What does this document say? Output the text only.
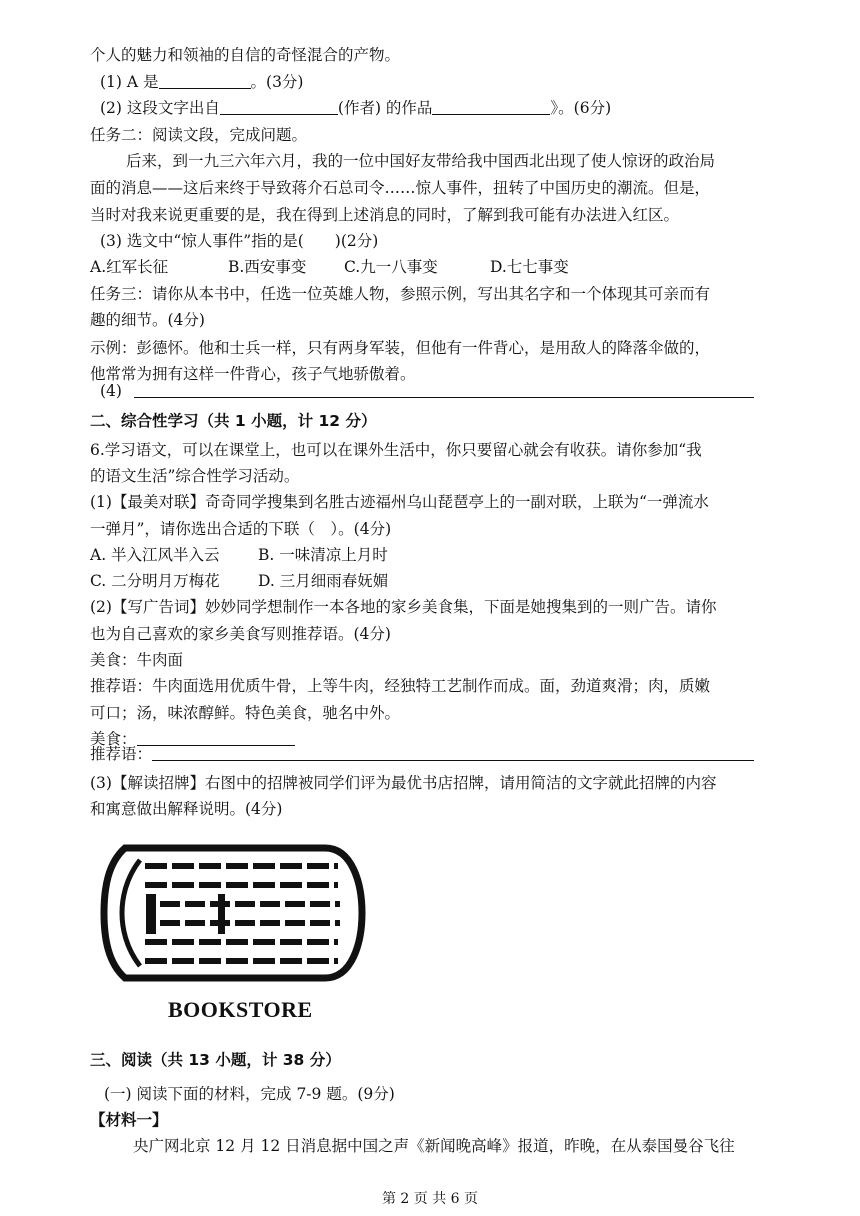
个人的魅力和领袖的自信的奇怪混合的产物。
(1) A 是	。(3分)
(2) 这段文字出自	(作者) 的作品	》。(6分)
任务二：阅读文段，完成问题。
后来，到一九三六年六月，我的一位中国好友带给我中国西北出现了使人惊讶的政治局
面的消息——这后来终于导致蒋介石总司令……惊人事件，扭转了中国历史的潮流。但是，
当时对我来说更重要的是，我在得到上述消息的同时，了解到我可能有办法进入红区。
(3) 选文中“惊人事件”指的是(　　)(2分)
A.红军长征	B.西安事变 C.九一八事变	D.七七事变
任务三：请你从本书中，任选一位英雄人物，参照示例，写出其名字和一个体现其可亲而有
趣的细节。(4分)
示例：彭德怀。他和士兵一样，只有两身军装，但他有一件背心，是用敌人的降落伞做的，
他常常为拥有这样一件背心，孩子气地骄傲着。
(4)
二、综合性学习（共 1 小题，计 12 分）
6.学习语文，可以在课堂上，也可以在课外生活中，你只要留心就会有收获。请你参加“我
的语文生活”综合性学习活动。
(1)【最美对联】奇奇同学搜集到名胜古迹福州乌山琵琶亭上的一副对联，上联为“一弹流水
一弹月”，请你选出合适的下联（　）。(4分)
A. 半入江风半入云 B. 一味清凉上月时
C. 二分明月万梅花 D. 三月细雨春妩媚
(2)【写广告词】妙妙同学想制作一本各地的家乡美食集，下面是她搜集到的一则广告。请你
也为自己喜欢的家乡美食写则推荐语。(4分)
美食：牛肉面
推荐语：牛肉面选用优质牛骨，上等牛肉，经独特工艺制作而成。面，劲道爽滑；肉，质嫩
可口；汤，味浓醇鲜。特色美食，驰名中外。
美食：
推荐语：
(3)【解读招牌】右图中的招牌被同学们评为最优书店招牌，请用简洁的文字就此招牌的内容
和寓意做出解释说明。(4分)
BOOKSTORE
三、阅读（共 13 小题，计 38 分）
(一) 阅读下面的材料，完成 7-9 题。(9分)
【材料一】
央广网北京 12 月 12 日消息据中国之声《新闻晚高峰》报道，昨晚，在从泰国曼谷飞往
第 2 页 共 6 页
